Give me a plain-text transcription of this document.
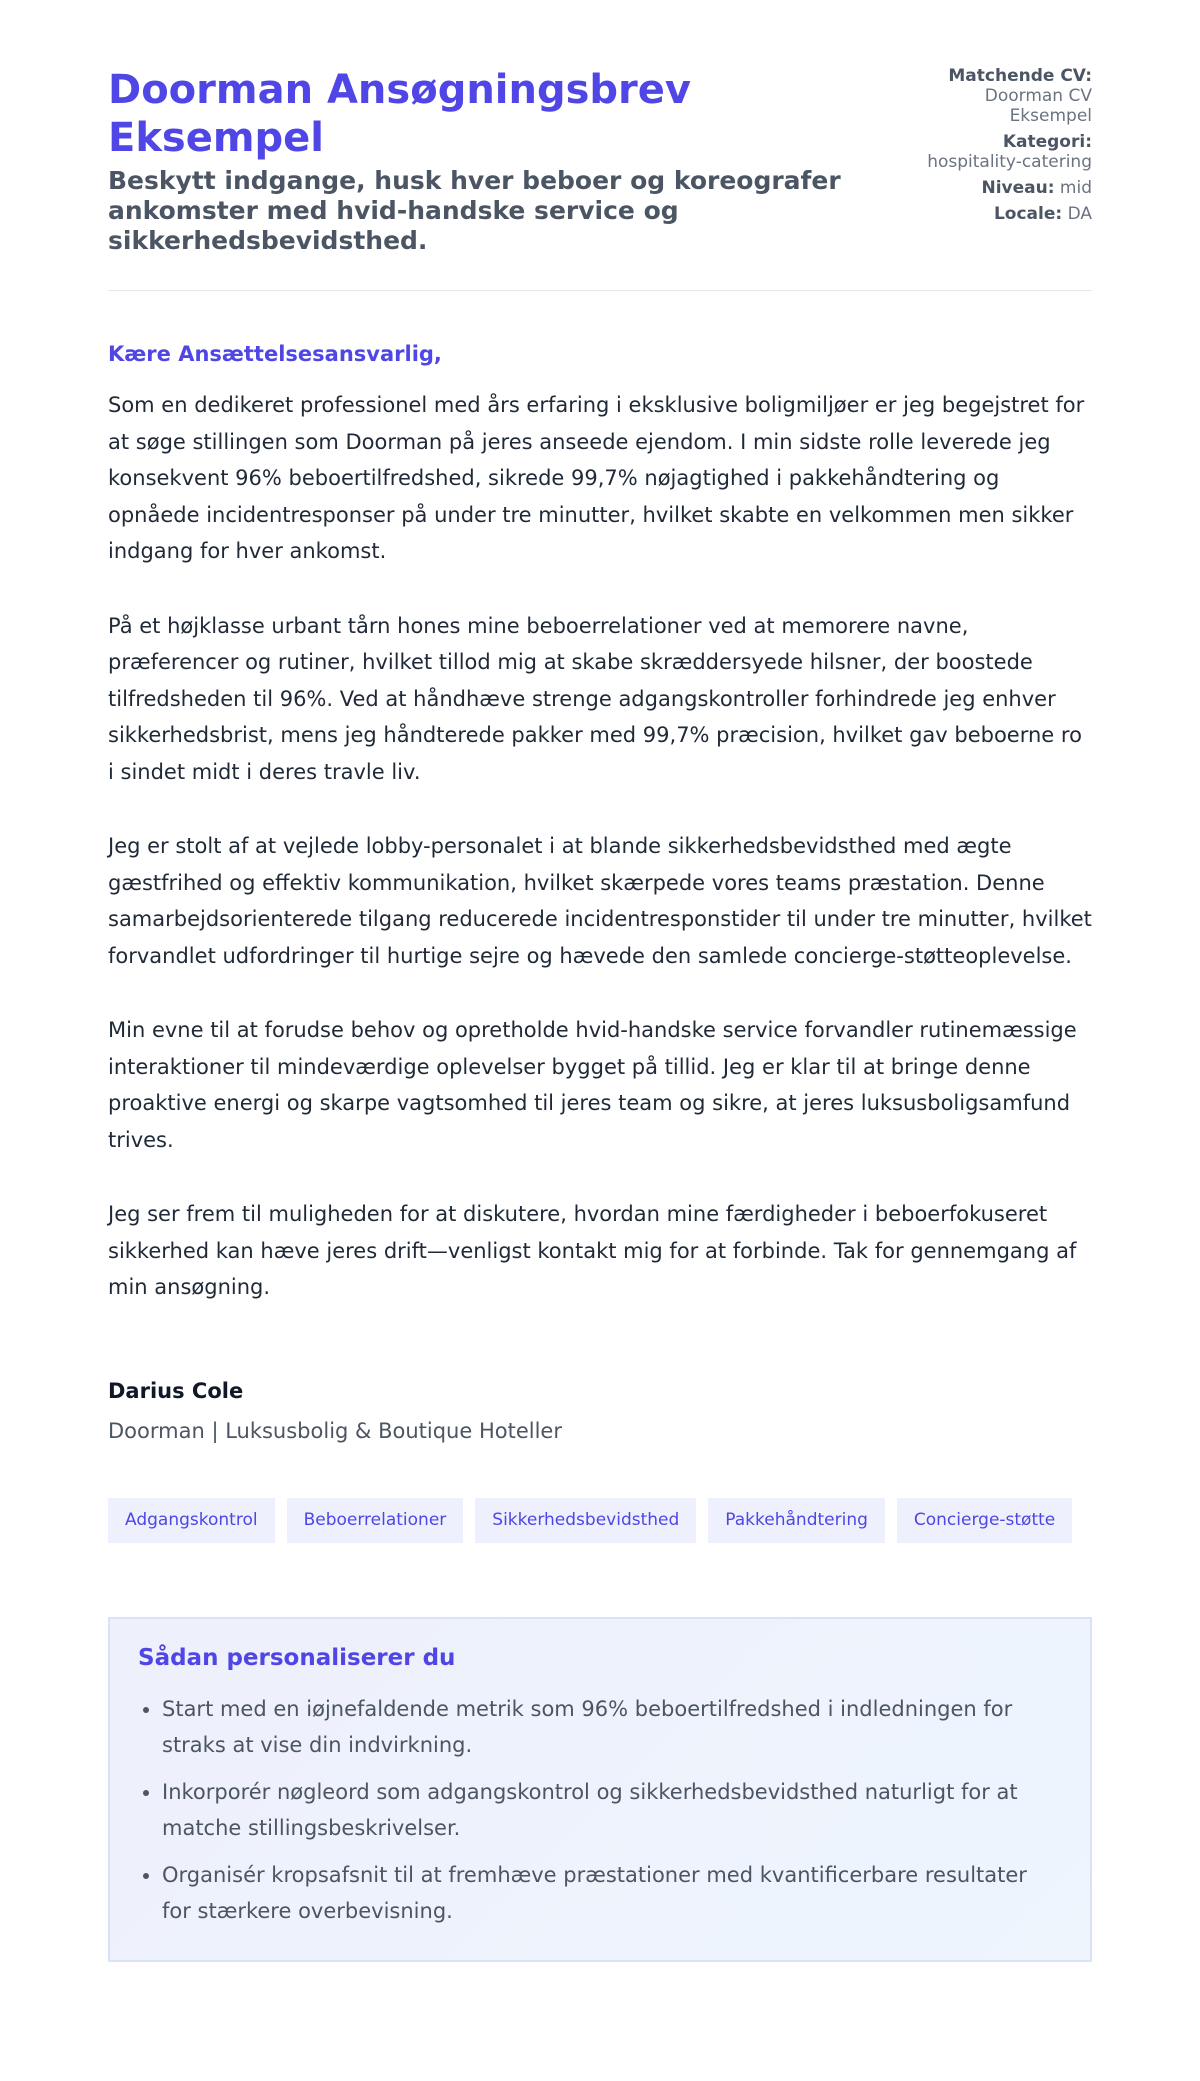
Doorman Ansøgningsbrev Eksempel
Beskytt indgange, husk hver beboer og koreografer ankomster med hvid-handske service og sikkerhedsbevidsthed.
Matchende CV:
Doorman CV Eksempel
Kategori:
hospitality-catering
Niveau: mid
Locale: DA
Kære Ansættelsesansvarlig,

Som en dedikeret professionel med års erfaring i eksklusive boligmiljøer er jeg begejstret for at søge stillingen som Doorman på jeres anseede ejendom. I min sidste rolle leverede jeg konsekvent 96% beboertilfredshed, sikrede 99,7% nøjagtighed i pakkehåndtering og opnåede incidentresponser på under tre minutter, hvilket skabte en velkommen men sikker indgang for hver ankomst.

På et højklasse urbant tårn hones mine beboerrelationer ved at memorere navne, præferencer og rutiner, hvilket tillod mig at skabe skræddersyede hilsner, der boostede tilfredsheden til 96%. Ved at håndhæve strenge adgangskontroller forhindrede jeg enhver sikkerhedsbrist, mens jeg håndterede pakker med 99,7% præcision, hvilket gav beboerne ro i sindet midt i deres travle liv.

Jeg er stolt af at vejlede lobby-personalet i at blande sikkerhedsbevidsthed med ægte gæstfrihed og effektiv kommunikation, hvilket skærpede vores teams præstation. Denne samarbejdsorienterede tilgang reducerede incidentresponstider til under tre minutter, hvilket forvandlet udfordringer til hurtige sejre og hævede den samlede concierge-støtteoplevelse.

Min evne til at forudse behov og opretholde hvid-handske service forvandler rutinemæssige interaktioner til mindeværdige oplevelser bygget på tillid. Jeg er klar til at bringe denne proaktive energi og skarpe vagtsomhed til jeres team og sikre, at jeres luksusboligsamfund trives.

Jeg ser frem til muligheden for at diskutere, hvordan mine færdigheder i beboerfokuseret sikkerhed kan hæve jeres drift—venligst kontakt mig for at forbinde. Tak for gennemgang af min ansøgning.

Darius Cole
Doorman | Luksusbolig & Boutique Hoteller
Adgangskontrol	Beboerrelationer	Sikkerhedsbevidsthed	Pakkehåndtering	Concierge-støtte
Sådan personaliserer du
• Start med en iøjnefaldende metrik som 96% beboertilfredshed i indledningen for straks at vise din indvirkning.
• Inkorporér nøgleord som adgangskontrol og sikkerhedsbevidsthed naturligt for at matche stillingsbeskrivelser.
• Organisér kropsafsnit til at fremhæve præstationer med kvantificerbare resultater for stærkere overbevisning.
